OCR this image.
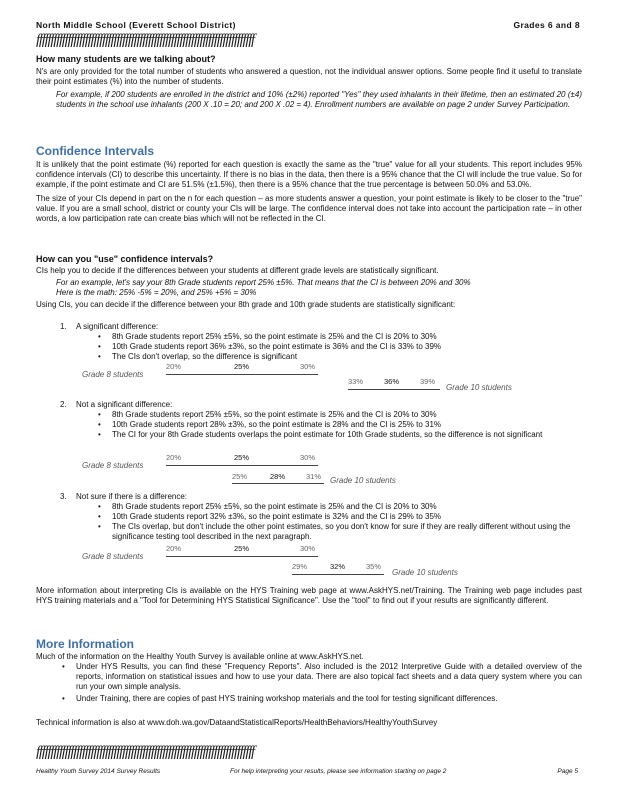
North Middle School (Everett School District)	Grades 6 and 8
ffffffffffffffffffffffffffffffffffffffffffffffffffffffffffffffffffffffffffff
How many students are we talking about?

N's are only provided for the total number of students who answered a question, not the individual answer options. Some people find it useful to translate their point estimates (%) into the number of students.

For example, if 200 students are enrolled in the district and 10% (±2%) reported "Yes" they used inhalants in their lifetime, then an estimated 20 (±4) students in the school use inhalants (200 X .10 = 20; and 200 X .02 = 4). Enrollment numbers are available on page 2 under Survey Participation.

Confidence Intervals

It is unlikely that the point estimate (%) reported for each question is exactly the same as the "true" value for all your students. This report includes 95% confidence intervals (CI) to describe this uncertainty. If there is no bias in the data, then there is a 95% chance that the CI will include the true value. So for example, if the point estimate and CI are 51.5% (±1.5%), then there is a 95% chance that the true percentage is between 50.0% and 53.0%.

The size of your CIs depend in part on the n for each question – as more students answer a question, your point estimate is likely to be closer to the "true" value. If you are a small school, district or county your CIs will be large. The confidence interval does not take into account the participation rate – in other words, a low participation rate can create bias which will not be reflected in the CI.

How can you "use" confidence intervals?

CIs help you to decide if the differences between your students at different grade levels are statistically significant.

For an example, let's say your 8th Grade students report 25% ±5%. That means that the CI is between 20% and 30%

Here is the math: 25% -5% = 20%, and 25% +5% = 30%

Using CIs, you can decide if the difference between your 8th grade and 10th grade students are statistically significant:

1. A significant difference:
• 8th Grade students report 25% ±5%, so the point estimate is 25% and the CI is 20% to 30%
• 10th Grade students report 36% ±3%, so the point estimate is 36% and the CI is 33% to 39%
• The CIs don't overlap, so the difference is significant
Grade 8 students
20%	25%	30%
33%	36%	39%
Grade 10 students
2. Not a significant difference:
• 8th Grade students report 25% ±5%, so the point estimate is 25% and the CI is 20% to 30%
• 10th Grade students report 28% ±3%, so the point estimate is 28% and the CI is 25% to 31%
• The CI for your 8th Grade students overlaps the point estimate for 10th Grade students, so the difference is not significant
Grade 8 students
20%	25%	30%
25%	28%	31% Grade 10 students
3. Not sure if there is a difference:
• 8th Grade students report 25% ±5%, so the point estimate is 25% and the CI is 20% to 30%
• 10th Grade students report 32% ±3%, so the point estimate is 32% and the CI is 29% to 35%
• The CIs overlap, but don't include the other point estimates, so you don't know for sure if they are really different without using the significance testing tool described in the next paragraph.
Grade 8 students
20%	25%	30%
29%	32%	35%
Grade 10 students

More information about interpreting CIs is available on the HYS Training web page at www.AskHYS.net/Training. The Training web page includes past HYS training materials and a "Tool for Determining HYS Statistical Significance". Use the "tool" to find out if your results are significantly different.

More Information

Much of the information on the Healthy Youth Survey is available online at www.AskHYS.net.

• Under HYS Results, you can find these "Frequency Reports". Also included is the 2012 Interpretive Guide with a detailed overview of the reports, information on statistical issues and how to use your data. There are also topical fact sheets and a data query system where you can run your own simple analysis.
• Under Training, there are copies of past HYS training workshop materials and the tool for testing significant differences.

Technical information is also at www.doh.wa.gov/DataandStatisticalReports/HealthBehaviors/HealthyYouthSurvey

ffffffffffffffffffffffffffffffffffffffffffffffffffffffffffffffffffffffffffff
Healthy Youth Survey 2014 Survey Results	For help interpreting your results, please see information starting on page 2	Page 5
